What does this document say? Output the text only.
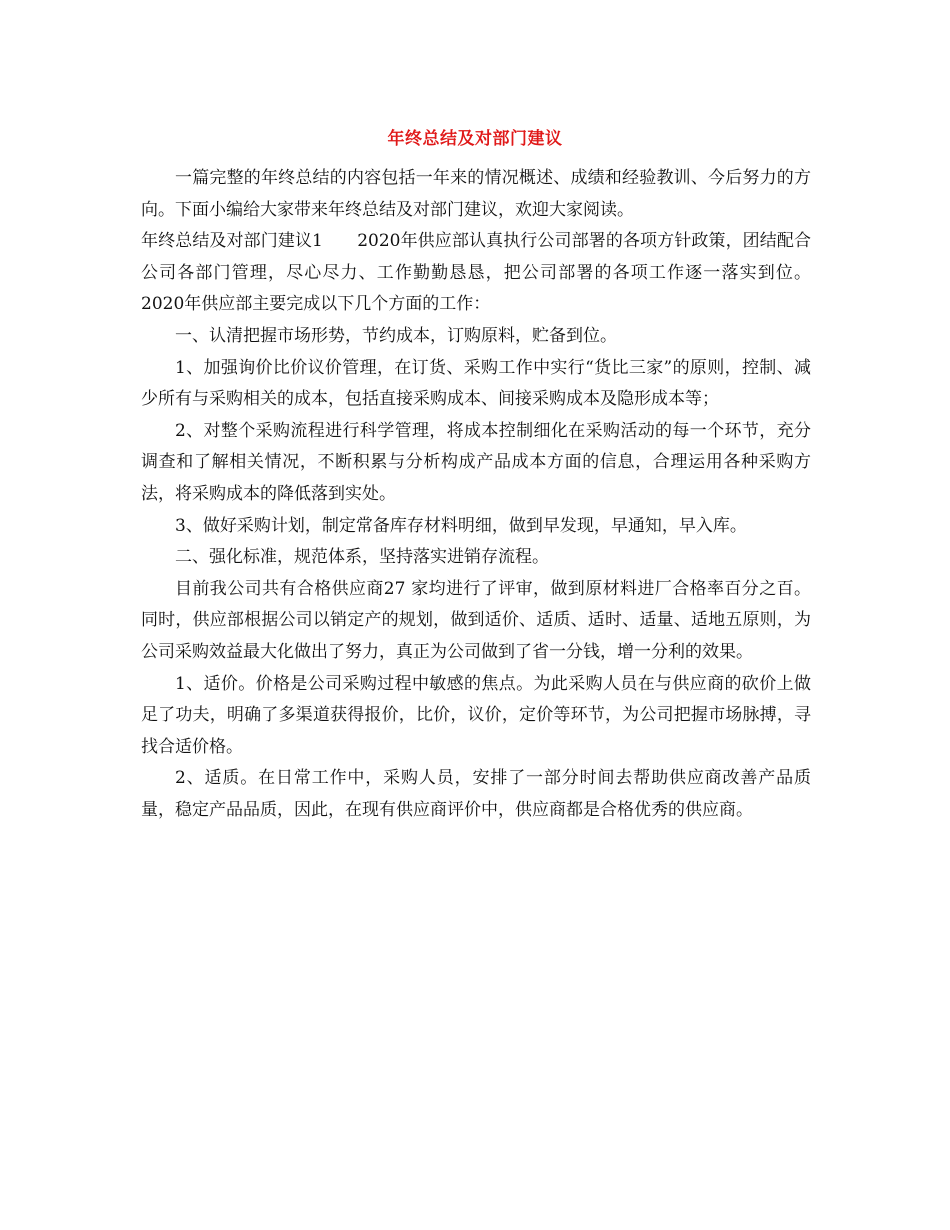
年终总结及对部门建议

一篇完整的年终总结的内容包括一年来的情况概述、成绩和经验教训、今后努力的方向。下面小编给大家带来年终总结及对部门建议，欢迎大家阅读。

年终总结及对部门建议1　　2020年供应部认真执行公司部署的各项方针政策，团结配合公司各部门管理，尽心尽力、工作勤勤恳恳，把公司部署的各项工作逐一落实到位。2020年供应部主要完成以下几个方面的工作：

一、认清把握市场形势，节约成本，订购原料，贮备到位。

1、加强询价比价议价管理，在订货、采购工作中实行“货比三家”的原则，控制、减少所有与采购相关的成本，包括直接采购成本、间接采购成本及隐形成本等；

2、对整个采购流程进行科学管理，将成本控制细化在采购活动的每一个环节，充分调查和了解相关情况，不断积累与分析构成产品成本方面的信息，合理运用各种采购方法，将采购成本的降低落到实处。

3、做好采购计划，制定常备库存材料明细，做到早发现，早通知，早入库。

二、强化标准，规范体系，坚持落实进销存流程。

目前我公司共有合格供应商27 家均进行了评审，做到原材料进厂合格率百分之百。 同时，供应部根据公司以销定产的规划，做到适价、适质、适时、适量、适地五原则，为公司采购效益最大化做出了努力，真正为公司做到了省一分钱，增一分利的效果。

1、适价。价格是公司采购过程中敏感的焦点。为此采购人员在与供应商的砍价上做足了功夫，明确了多渠道获得报价，比价，议价，定价等环节，为公司把握市场脉搏，寻找合适价格。

2、适质。在日常工作中，采购人员，安排了一部分时间去帮助供应商改善产品质量，稳定产品品质，因此，在现有供应商评价中，供应商都是合格优秀的供应商。
